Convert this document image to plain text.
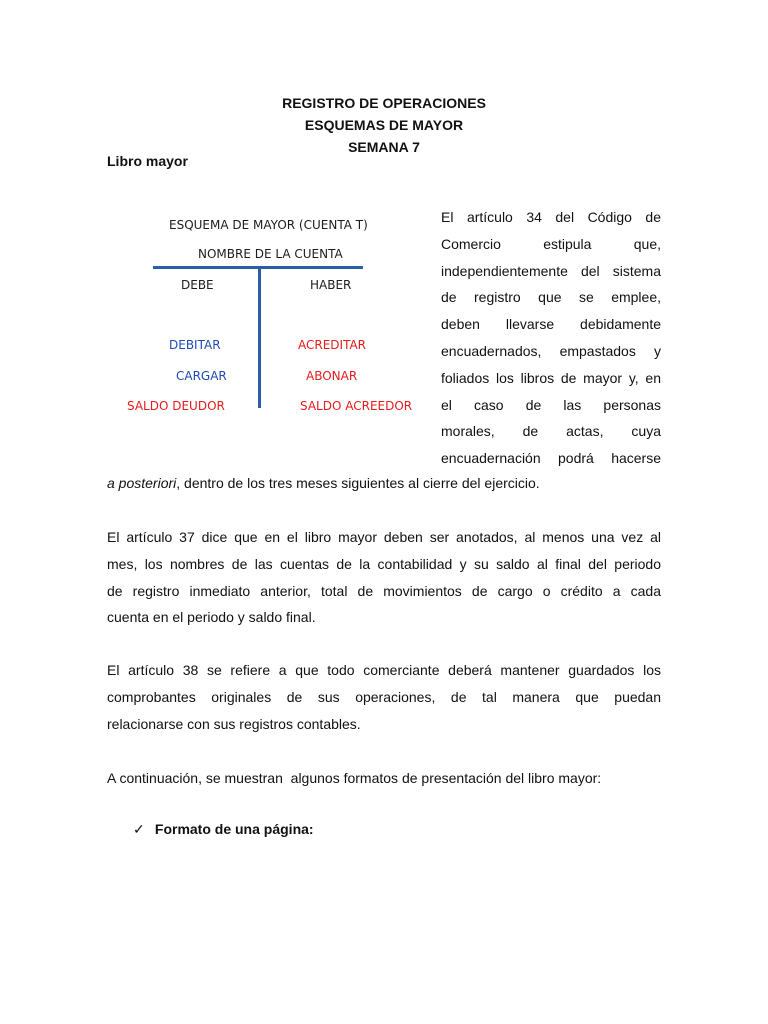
REGISTRO DE OPERACIONES
ESQUEMAS DE MAYOR
SEMANA 7
Libro mayor
ESQUEMA DE MAYOR (CUENTA T)
NOMBRE DE LA CUENTA
DEBE	HABER
DEBITAR
CARGAR
SALDO DEUDOR
ACREDITAR
ABONAR
SALDO ACREEDOR
El artículo 34 del Código de
Comercio estipula que,
independientemente del sistema
de registro que se emplee,
deben llevarse debidamente
encuadernados, empastados y
foliados los libros de mayor y, en
el caso de las personas
morales, de actas, cuya
encuadernación podrá hacerse
a posteriori, dentro de los tres meses siguientes al cierre del ejercicio.
El artículo 37 dice que en el libro mayor deben ser anotados, al menos una vez al
mes, los nombres de las cuentas de la contabilidad y su saldo al final del periodo
de registro inmediato anterior, total de movimientos de cargo o crédito a cada
cuenta en el periodo y saldo final.
El artículo 38 se refiere a que todo comerciante deberá mantener guardados los
comprobantes originales de sus operaciones, de tal manera que puedan
relacionarse con sus registros contables.
A continuación, se muestran  algunos formatos de presentación del libro mayor:
✓ Formato de una página:
